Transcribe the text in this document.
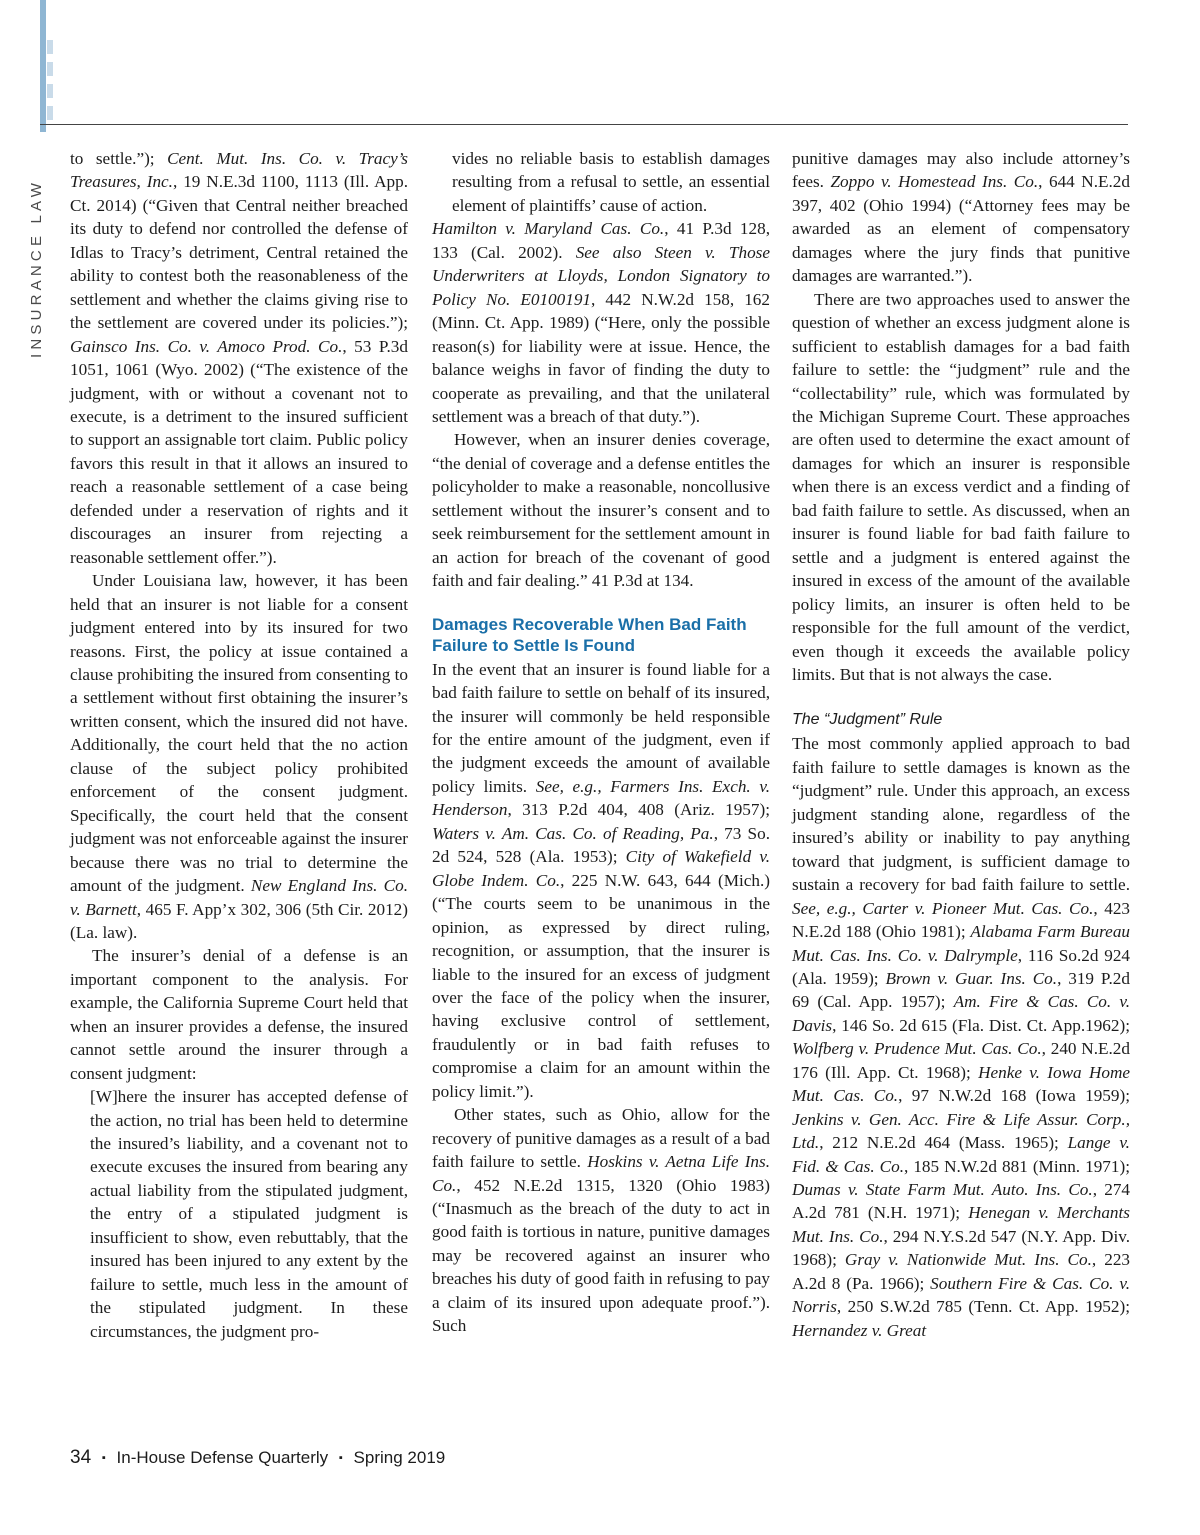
INSURANCE LAW

to settle.”); Cent. Mut. Ins. Co. v. Tracy’s Treasures, Inc., 19 N.E.3d 1100, 1113 (Ill. App. Ct. 2014) (“Given that Central neither breached its duty to defend nor controlled the defense of Idlas to Tracy’s detriment, Central retained the ability to contest both the reasonableness of the settlement and whether the claims giving rise to the settlement are covered under its policies.”); Gainsco Ins. Co. v. Amoco Prod. Co., 53 P.3d 1051, 1061 (Wyo. 2002) (“The existence of the judgment, with or without a covenant not to execute, is a detriment to the insured sufficient to support an assignable tort claim. Public policy favors this result in that it allows an insured to reach a reasonable settlement of a case being defended under a reservation of rights and it discourages an insurer from rejecting a reasonable settlement offer.”).

Under Louisiana law, however, it has been held that an insurer is not liable for a consent judgment entered into by its insured for two reasons. First, the policy at issue contained a clause prohibiting the insured from consenting to a settlement without first obtaining the insurer’s written consent, which the insured did not have. Additionally, the court held that the no action clause of the subject policy prohibited enforcement of the consent judgment. Specifically, the court held that the consent judgment was not enforceable against the insurer because there was no trial to determine the amount of the judgment. New England Ins. Co. v. Barnett, 465 F. App’x 302, 306 (5th Cir. 2012) (La. law).

The insurer’s denial of a defense is an important component to the analysis. For example, the California Supreme Court held that when an insurer provides a defense, the insured cannot settle around the insurer through a consent judgment:

[W]here the insurer has accepted defense of the action, no trial has been held to determine the insured’s liability, and a covenant not to execute excuses the insured from bearing any actual liability from the stipulated judgment, the entry of a stipulated judgment is insufficient to show, even rebuttably, that the insured has been injured to any extent by the failure to settle, much less in the amount of the stipulated judgment. In these circumstances, the judgment pro-

vides no reliable basis to establish damages resulting from a refusal to settle, an essential element of plaintiffs’ cause of action.

Hamilton v. Maryland Cas. Co., 41 P.3d 128, 133 (Cal. 2002). See also Steen v. Those Underwriters at Lloyds, London Signatory to Policy No. E0100191, 442 N.W.2d 158, 162 (Minn. Ct. App. 1989) (“Here, only the possible reason(s) for liability were at issue. Hence, the balance weighs in favor of finding the duty to cooperate as prevailing, and that the unilateral settlement was a breach of that duty.”).

However, when an insurer denies coverage, “the denial of coverage and a defense entitles the policyholder to make a reasonable, noncollusive settlement without the insurer’s consent and to seek reimbursement for the settlement amount in an action for breach of the covenant of good faith and fair dealing.” 41 P.3d at 134.

Damages Recoverable When Bad Faith Failure to Settle Is Found

In the event that an insurer is found liable for a bad faith failure to settle on behalf of its insured, the insurer will commonly be held responsible for the entire amount of the judgment, even if the judgment exceeds the amount of available policy limits. See, e.g., Farmers Ins. Exch. v. Henderson, 313 P.2d 404, 408 (Ariz. 1957); Waters v. Am. Cas. Co. of Reading, Pa., 73 So. 2d 524, 528 (Ala. 1953); City of Wakefield v. Globe Indem. Co., 225 N.W. 643, 644 (Mich.) (“The courts seem to be unanimous in the opinion, as expressed by direct ruling, recognition, or assumption, that the insurer is liable to the insured for an excess of judgment over the face of the policy when the insurer, having exclusive control of settlement, fraudulently or in bad faith refuses to compromise a claim for an amount within the policy limit.”).

Other states, such as Ohio, allow for the recovery of punitive damages as a result of a bad faith failure to settle. Hoskins v. Aetna Life Ins. Co., 452 N.E.2d 1315, 1320 (Ohio 1983) (“Inasmuch as the breach of the duty to act in good faith is tortious in nature, punitive damages may be recovered against an insurer who breaches his duty of good faith in refusing to pay a claim of its insured upon adequate proof.”). Such

punitive damages may also include attorney’s fees. Zoppo v. Homestead Ins. Co., 644 N.E.2d 397, 402 (Ohio 1994) (“Attorney fees may be awarded as an element of compensatory damages where the jury finds that punitive damages are warranted.”).

There are two approaches used to answer the question of whether an excess judgment alone is sufficient to establish damages for a bad faith failure to settle: the “judgment” rule and the “collectability” rule, which was formulated by the Michigan Supreme Court. These approaches are often used to determine the exact amount of damages for which an insurer is responsible when there is an excess verdict and a finding of bad faith failure to settle. As discussed, when an insurer is found liable for bad faith failure to settle and a judgment is entered against the insured in excess of the amount of the available policy limits, an insurer is often held to be responsible for the full amount of the verdict, even though it exceeds the available policy limits. But that is not always the case.

The “Judgment” Rule

The most commonly applied approach to bad faith failure to settle damages is known as the “judgment” rule. Under this approach, an excess judgment standing alone, regardless of the insured’s ability or inability to pay anything toward that judgment, is sufficient damage to sustain a recovery for bad faith failure to settle. See, e.g., Carter v. Pioneer Mut. Cas. Co., 423 N.E.2d 188 (Ohio 1981); Alabama Farm Bureau Mut. Cas. Ins. Co. v. Dalrymple, 116 So.2d 924 (Ala. 1959); Brown v. Guar. Ins. Co., 319 P.2d 69 (Cal. App. 1957); Am. Fire & Cas. Co. v. Davis, 146 So. 2d 615 (Fla. Dist. Ct. App.1962); Wolfberg v. Prudence Mut. Cas. Co., 240 N.E.2d 176 (Ill. App. Ct. 1968); Henke v. Iowa Home Mut. Cas. Co., 97 N.W.2d 168 (Iowa 1959); Jenkins v. Gen. Acc. Fire & Life Assur. Corp., Ltd., 212 N.E.2d 464 (Mass. 1965); Lange v. Fid. & Cas. Co., 185 N.W.2d 881 (Minn. 1971); Dumas v. State Farm Mut. Auto. Ins. Co., 274 A.2d 781 (N.H. 1971); Henegan v. Merchants Mut. Ins. Co., 294 N.Y.S.2d 547 (N.Y. App. Div. 1968); Gray v. Nationwide Mut. Ins. Co., 223 A.2d 8 (Pa. 1966); Southern Fire & Cas. Co. v. Norris, 250 S.W.2d 785 (Tenn. Ct. App. 1952); Hernandez v. Great

34 ▪ In-House Defense Quarterly ▪ Spring 2019
